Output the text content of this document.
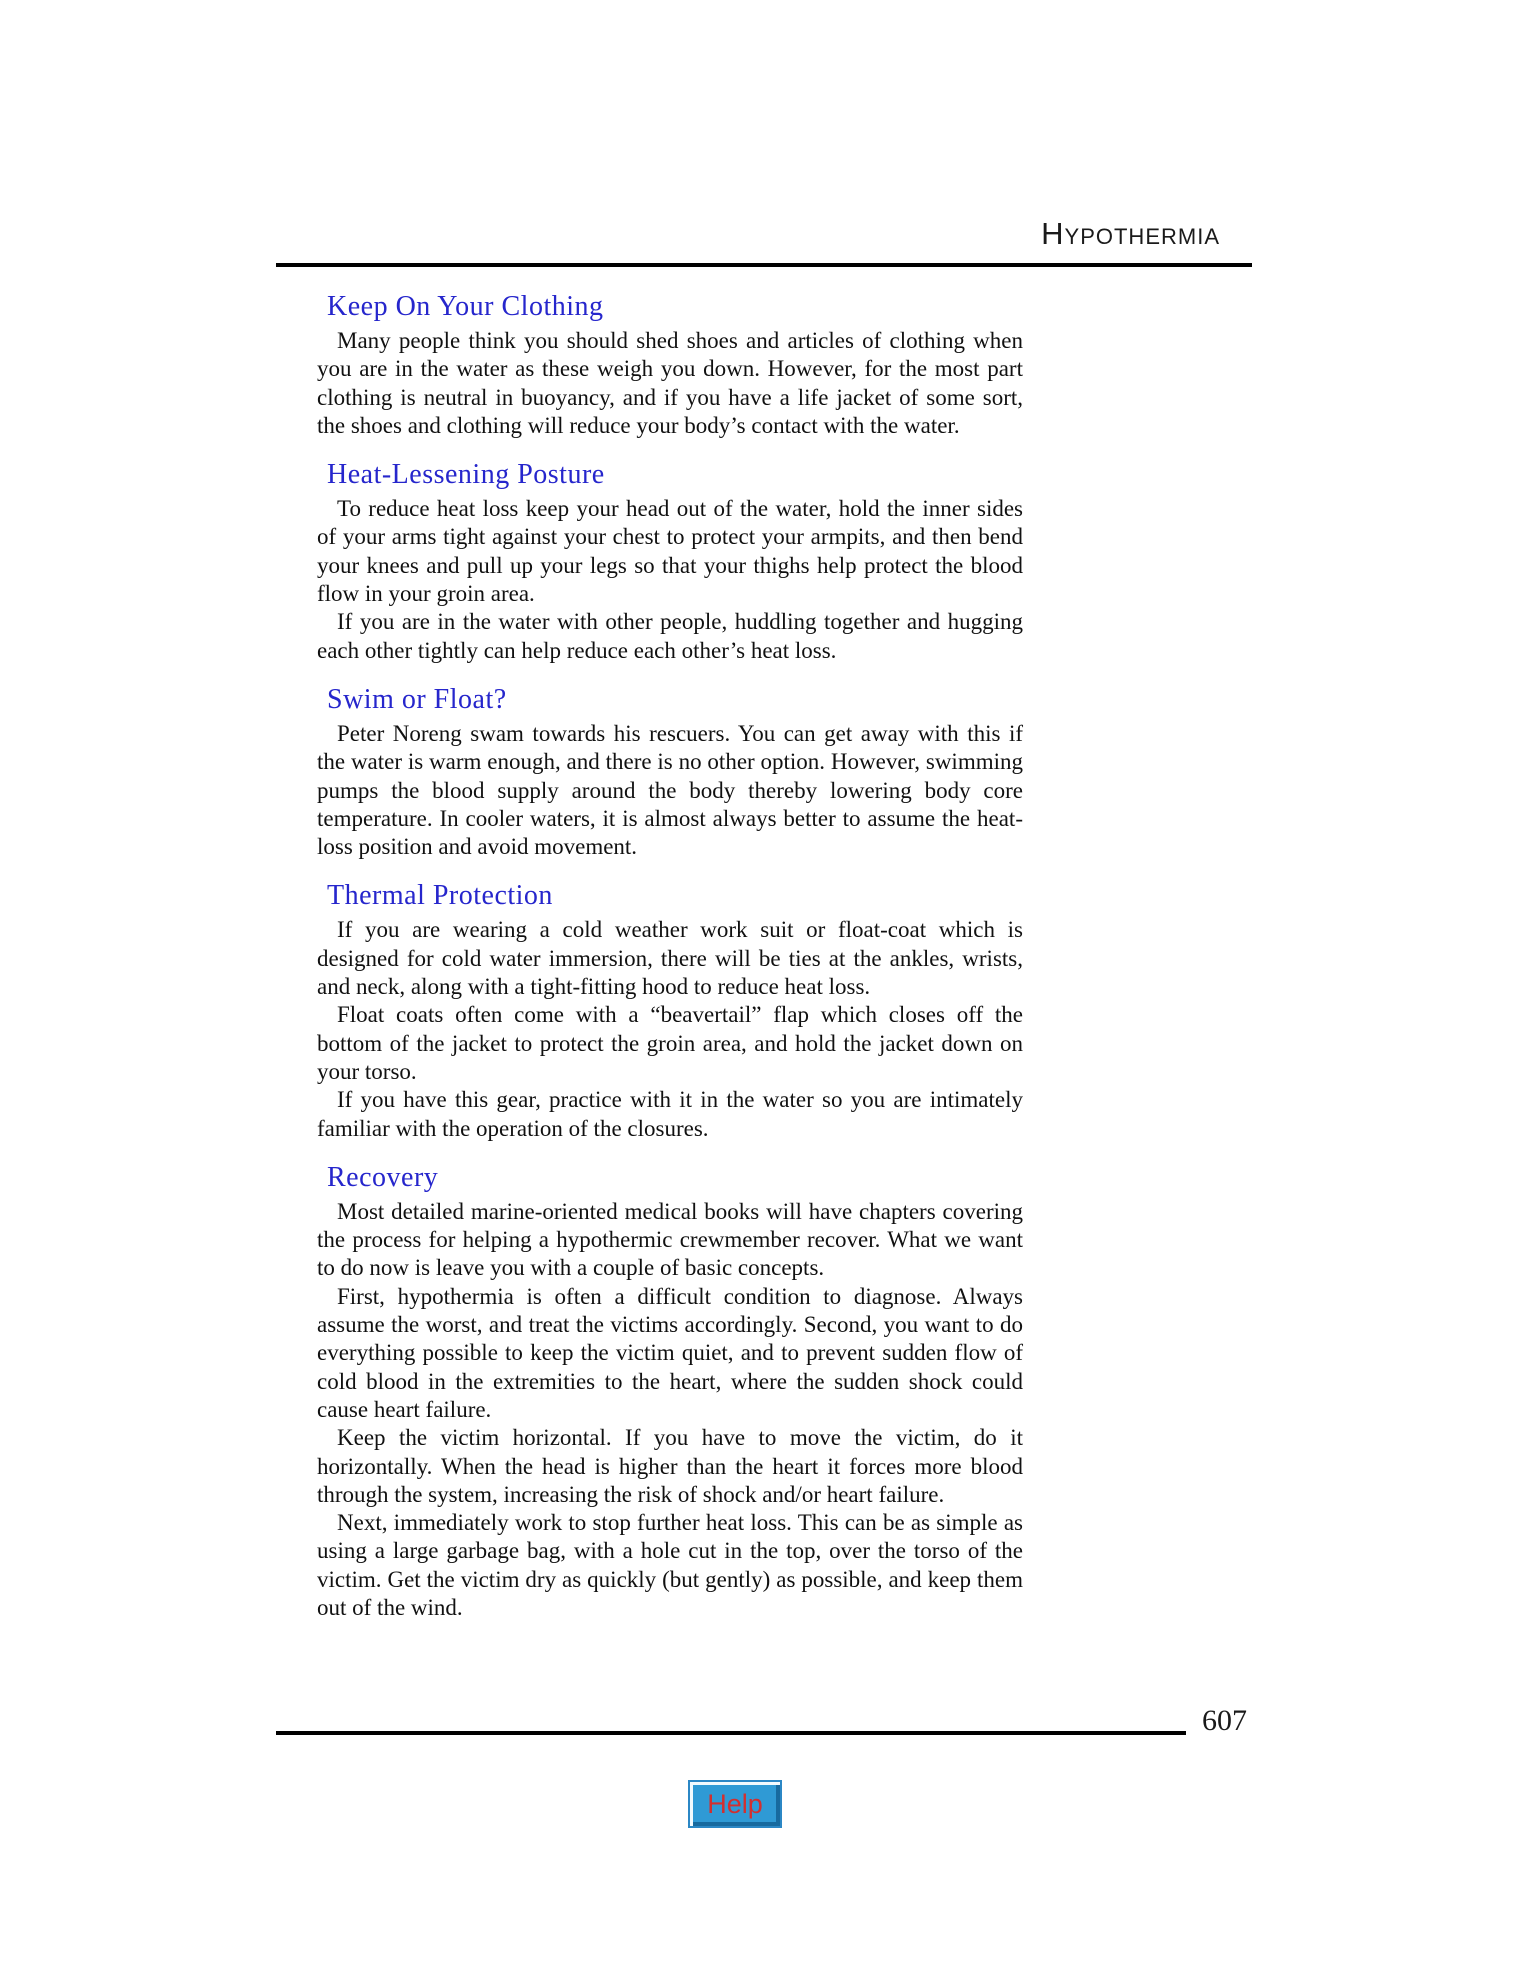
Hypothermia
Keep On Your Clothing

Many people think you should shed shoes and articles of clothing when you are in the water as these weigh you down. However, for the most part clothing is neutral in buoyancy, and if you have a life jacket of some sort, the shoes and clothing will reduce your body’s contact with the water.

Heat-Lessening Posture

To reduce heat loss keep your head out of the water, hold the inner sides of your arms tight against your chest to protect your armpits, and then bend your knees and pull up your legs so that your thighs help protect the blood flow in your groin area.

If you are in the water with other people, huddling together and hugging each other tightly can help reduce each other’s heat loss.

Swim or Float?

Peter Noreng swam towards his rescuers. You can get away with this if the water is warm enough, and there is no other option. However, swimming pumps the blood supply around the body thereby lowering body core temperature. In cooler waters, it is almost always better to assume the heat-loss position and avoid movement.

Thermal Protection

If you are wearing a cold weather work suit or float-coat which is designed for cold water immersion, there will be ties at the ankles, wrists, and neck, along with a tight-fitting hood to reduce heat loss.

Float coats often come with a “beavertail” flap which closes off the bottom of the jacket to protect the groin area, and hold the jacket down on your torso.

If you have this gear, practice with it in the water so you are intimately familiar with the operation of the closures.

Recovery

Most detailed marine-oriented medical books will have chapters covering the process for helping a hypothermic crewmember recover. What we want to do now is leave you with a couple of basic concepts.

First, hypothermia is often a difficult condition to diagnose. Always assume the worst, and treat the victims accordingly. Second, you want to do everything possible to keep the victim quiet, and to prevent sudden flow of cold blood in the extremities to the heart, where the sudden shock could cause heart failure.

Keep the victim horizontal. If you have to move the victim, do it horizontally. When the head is higher than the heart it forces more blood through the system, increasing the risk of shock and/or heart failure.

Next, immediately work to stop further heat loss. This can be as simple as using a large garbage bag, with a hole cut in the top, over the torso of the victim. Get the victim dry as quickly (but gently) as possible, and keep them out of the wind.

607
Help
